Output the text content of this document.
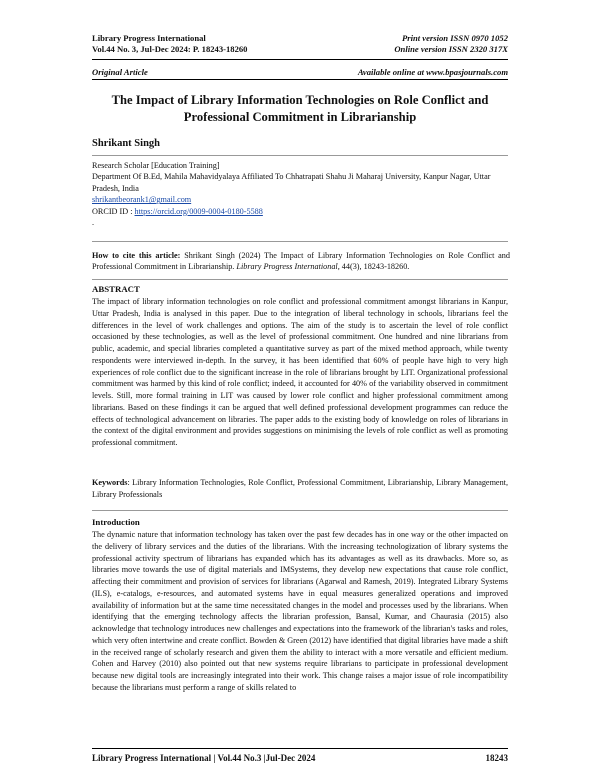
Library Progress International	Print version ISSN 0970 1052
Vol.44 No. 3, Jul-Dec 2024: P. 18243-18260	Online version ISSN 2320 317X
Original Article	Available online at www.bpasjournals.com
The Impact of Library Information Technologies on Role Conflict and Professional Commitment in Librarianship
Shrikant Singh
Research Scholar [Education Training]
Department Of B.Ed, Mahila Mahavidyalaya Affiliated To Chhatrapati Shahu Ji Maharaj University, Kanpur Nagar, Uttar Pradesh, India
shrikantbeorank1@gmail.com
ORCID ID : https://orcid.org/0009-0004-0180-5588
.
How to cite this article: Shrikant Singh (2024) The Impact of Library Information Technologies on Role Conflict and Professional Commitment in Librarianship. Library Progress International, 44(3), 18243-18260.
ABSTRACT
The impact of library information technologies on role conflict and professional commitment amongst librarians in Kanpur, Uttar Pradesh, India is analysed in this paper. Due to the integration of liberal technology in schools, librarians feel the differences in the level of work challenges and options. The aim of the study is to ascertain the level of role conflict occasioned by these technologies, as well as the level of professional commitment. One hundred and nine librarians from public, academic, and special libraries completed a quantitative survey as part of the mixed method approach, while twenty respondents were interviewed in-depth. In the survey, it has been identified that 60% of people have high to very high experiences of role conflict due to the significant increase in the role of librarians brought by LIT. Organizational professional commitment was harmed by this kind of role conflict; indeed, it accounted for 40% of the variability observed in commitment levels. Still, more formal training in LIT was caused by lower role conflict and higher professional commitment among librarians. Based on these findings it can be argued that well defined professional development programmes can reduce the effects of technological advancement on libraries. The paper adds to the existing body of knowledge on roles of librarians in the context of the digital environment and provides suggestions on minimising the levels of role conflict as well as promoting professional commitment.
Keywords: Library Information Technologies, Role Conflict, Professional Commitment, Librarianship, Library Management, Library Professionals
Introduction
The dynamic nature that information technology has taken over the past few decades has in one way or the other impacted on the delivery of library services and the duties of the librarians. With the increasing technologization of library systems the professional activity spectrum of librarians has expanded which has its advantages as well as its drawbacks. More so, as libraries move towards the use of digital materials and IMSystems, they develop new expectations that cause role conflict, affecting their commitment and provision of services for librarians (Agarwal and Ramesh, 2019). Integrated Library Systems (ILS), e-catalogs, e-resources, and automated systems have in equal measures generalized operations and improved availability of information but at the same time necessitated changes in the model and processes used by the librarians. When identifying that the emerging technology affects the librarian profession, Bansal, Kumar, and Chaurasia (2015) also acknowledge that technology introduces new challenges and expectations into the framework of the librarian's tasks and roles, which very often intertwine and create conflict. Bowden & Green (2012) have identified that digital libraries have made a shift in the received range of scholarly research and given them the ability to interact with a more versatile and efficient medium. Cohen and Harvey (2010) also pointed out that new systems require librarians to participate in professional development because new digital tools are increasingly integrated into their work. This change raises a major issue of role incompatibility because the librarians must perform a range of skills related to
Library Progress International | Vol.44 No.3 |Jul-Dec 2024	18243
